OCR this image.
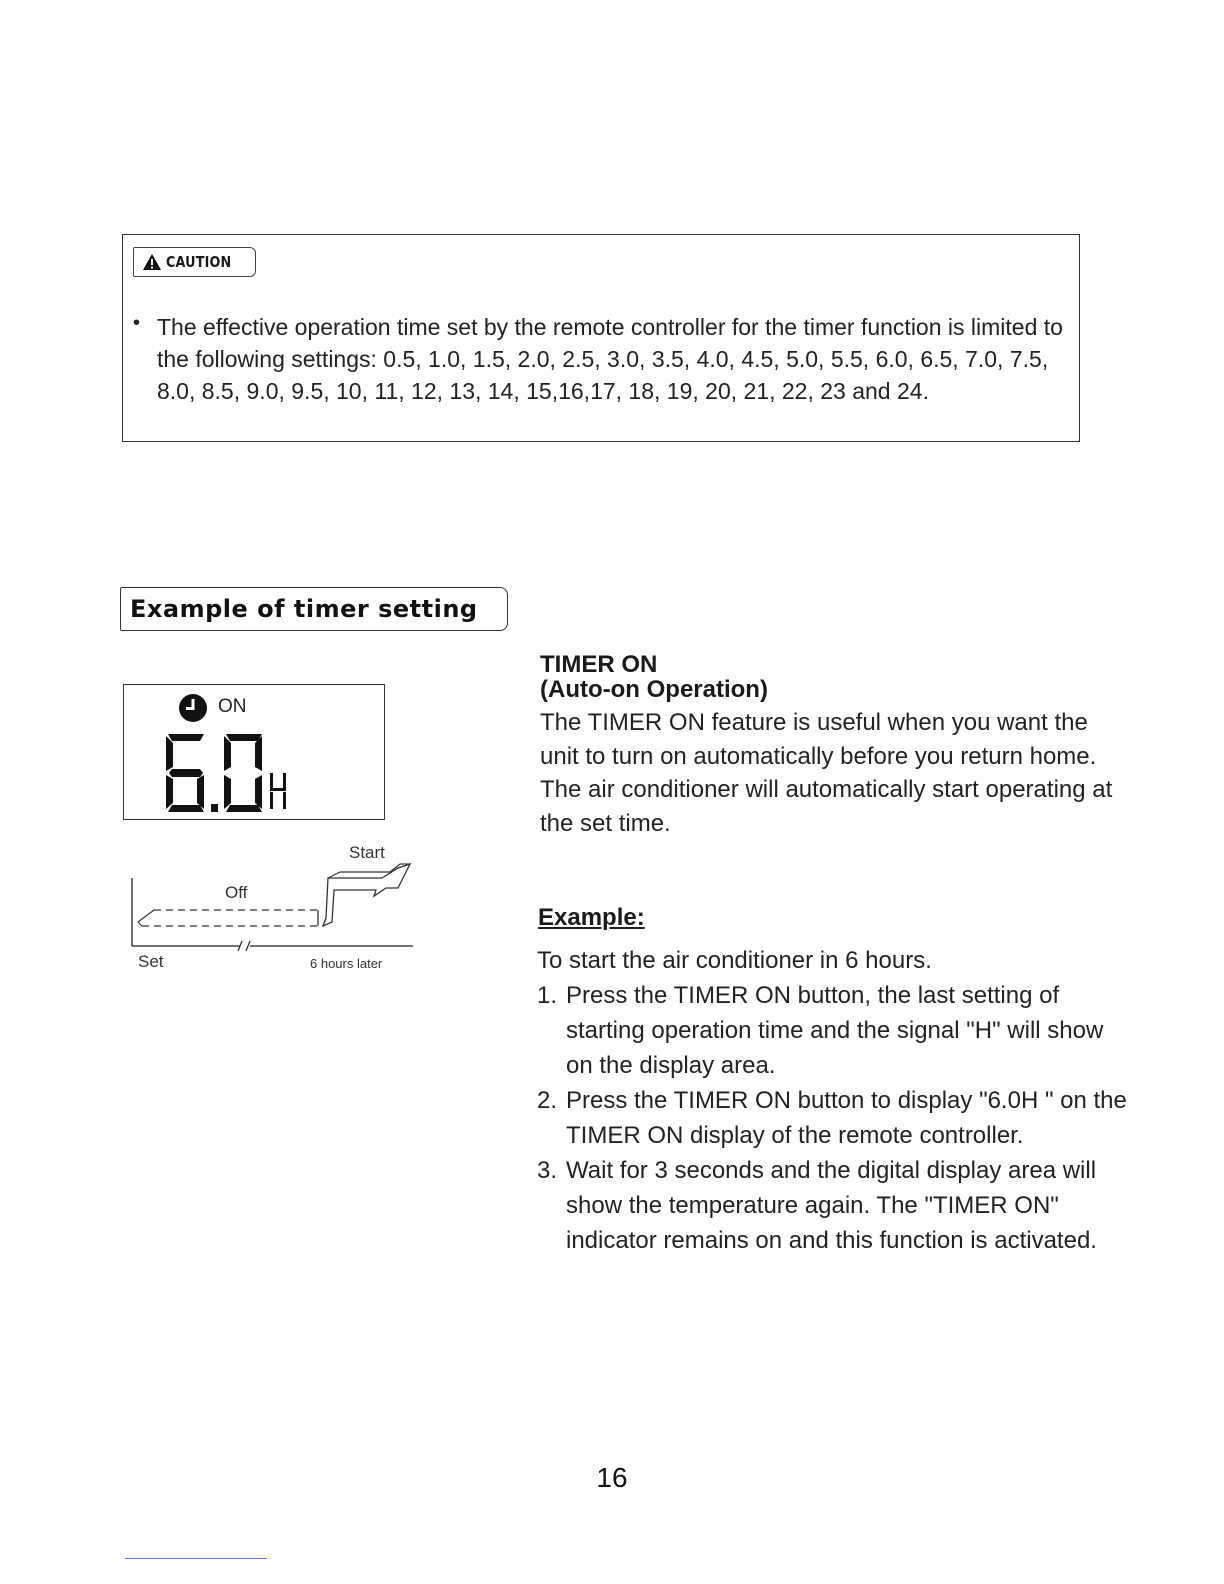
CAUTION
• The effective operation time set by the remote controller for the timer function is limited to the following settings: 0.5, 1.0, 1.5, 2.0, 2.5, 3.0, 3.5, 4.0, 4.5, 5.0, 5.5, 6.0, 6.5, 7.0, 7.5, 8.0, 8.5, 9.0, 9.5, 10, 11, 12, 13, 14, 15,16,17, 18, 19, 20, 21, 22, 23 and 24.
Example of timer setting
ON
Start
Off
Set	6 hours later
TIMER ON
(Auto-on Operation)
The TIMER ON feature is useful when you want the unit to turn on automatically before you return home. The air conditioner will automatically start operating at the set time.
Example:
To start the air conditioner in 6 hours.
1. Press the TIMER ON button, the last setting of starting operation time and the signal "H" will show on the display area.
2. Press the TIMER ON button to display "6.0H " on the TIMER ON display of the remote controller.
3. Wait for 3 seconds and the digital display area will show the temperature again. The "TIMER ON" indicator remains on and this function is activated.
16
